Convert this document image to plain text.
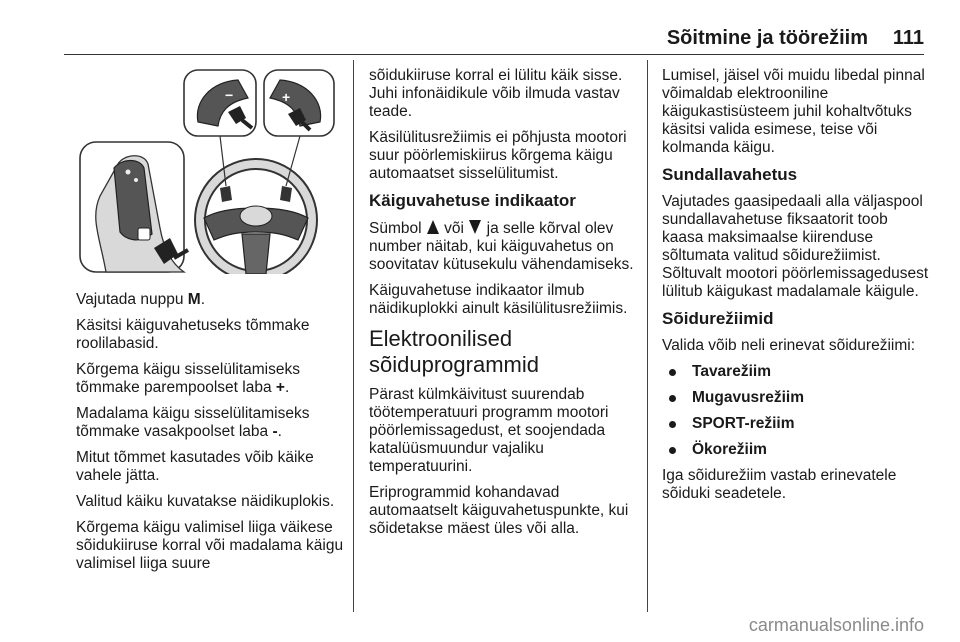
Sõitmine ja töörežiim 111
−	+

Vajutada nuppu M.

Käsitsi käiguvahetuseks tõmmake roolilabasid.

Kõrgema käigu sisselülitamiseks tõmmake parempoolset laba +.

Madalama käigu sisselülitamiseks tõmmake vasakpoolset laba -.

Mitut tõmmet kasutades võib käike vahele jätta.

Valitud käiku kuvatakse näidikuplokis.

Kõrgema käigu valimisel liiga väikese sõidukiiruse korral või madalama käigu valimisel liiga suure

sõidukiiruse korral ei lülitu käik sisse. Juhi infonäidikule võib ilmuda vastav teade.

Käsilülitusrežiimis ei põhjusta mootori suur pöörlemiskiirus kõrgema käigu automaatset sisselülitumist.

Käiguvahetuse indikaator

Sümbol  või  ja selle kõrval olev number näitab, kui käiguvahetus on soovitatav kütusekulu vähendamiseks.

Käiguvahetuse indikaator ilmub näidikuplokki ainult käsilülitusrežiimis.

Elektroonilised
sõiduprogrammid

Pärast külmkäivitust suurendab töötemperatuuri programm mootori pöörlemissagedust, et soojendada katalüüsmuundur vajaliku temperatuurini.

Eriprogrammid kohandavad automaatselt käiguvahetuspunkte, kui sõidetakse mäest üles või alla.

Lumisel, jäisel või muidu libedal pinnal võimaldab elektrooniline käigukastisüsteem juhil kohaltvõtuks käsitsi valida esimese, teise või kolmanda käigu.

Sundallavahetus

Vajutades gaasipedaali alla väljaspool sundallavahetuse fiksaatorit toob kaasa maksimaalse kiirenduse sõltumata valitud sõidurežiimist. Sõltuvalt mootori pöörlemissagedusest lülitub käigukast madalamale käigule.

Sõidurežiimid

Valida võib neli erinevat sõidurežiimi:

Tavarežiim
Mugavusrežiim
SPORT-režiim
Ökorežiim

Iga sõidurežiim vastab erinevatele sõiduki seadetele.

carmanualsonline.info
